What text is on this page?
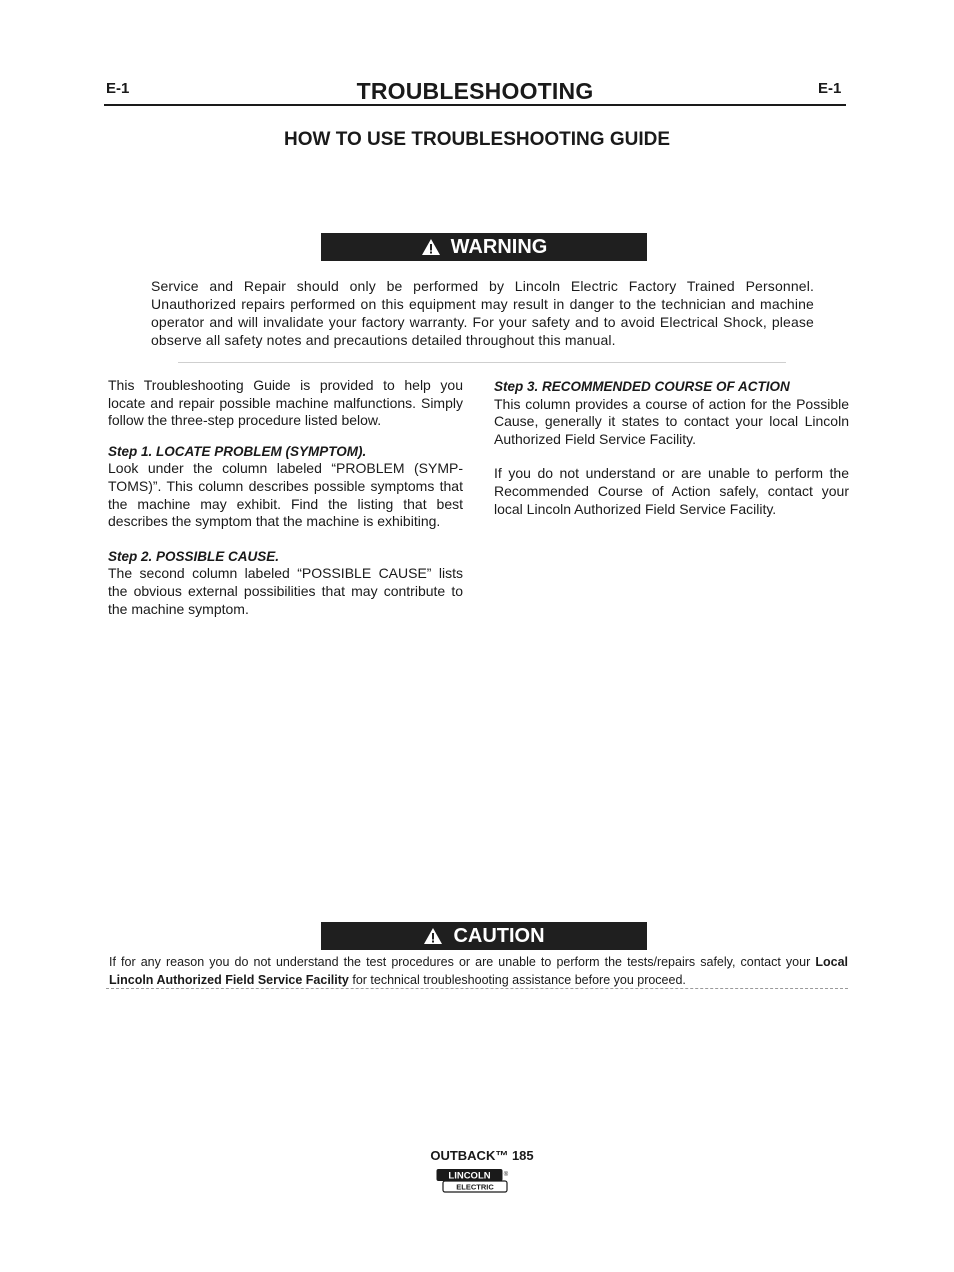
E-1	E-1
TROUBLESHOOTING
HOW TO USE TROUBLESHOOTING GUIDE
WARNING
Service and Repair should only be performed by Lincoln Electric Factory Trained Personnel. Unauthorized repairs performed on this equipment may result in danger to the technician and machine operator and will invalidate your factory warranty. For your safety and to avoid Electrical Shock, please observe all safety notes and precautions detailed throughout this manual.

This Troubleshooting Guide is provided to help you locate and repair possible machine malfunctions. Simply follow the three-step procedure listed below.

Step 1. LOCATE PROBLEM (SYMPTOM).

Look under the column labeled “PROBLEM (SYMP-TOMS)”. This column describes possible symptoms that the machine may exhibit. Find the listing that best describes the symptom that the machine is exhibiting.

Step 2. POSSIBLE CAUSE.

The second column labeled “POSSIBLE CAUSE” lists the obvious external possibilities that may contribute to the machine symptom.

Step 3. RECOMMENDED COURSE OF ACTION

This column provides a course of action for the Possible Cause, generally it states to contact your local Lincoln Authorized Field Service Facility.

If you do not understand or are unable to perform the Recommended Course of Action safely, contact your local Lincoln Authorized Field Service Facility.

CAUTION
If for any reason you do not understand the test procedures or are unable to perform the tests/repairs safely, contact your Local Lincoln Authorized Field Service Facility for technical troubleshooting assistance before you proceed.
OUTBACK™ 185
LINCOLN
ELECTRIC
®
